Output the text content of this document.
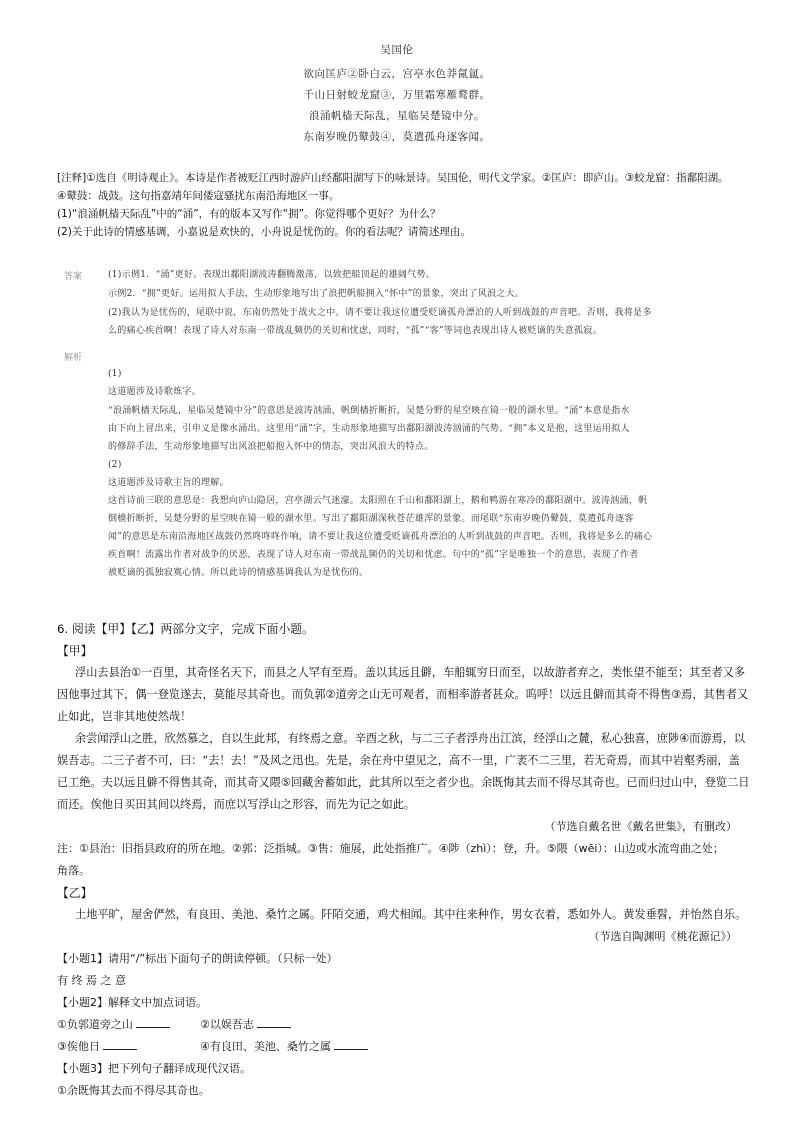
吴国伦
欲向匡庐②卧白云，宫亭水色莽氤氲。
千山日射蛟龙窟③，万里霜寒雁鹜群。
浪涌帆樯天际乱，星临吴楚镜中分。
东南岁晚仍鼙鼓④，莫遣孤舟逐客闻。
[注释]①选自《明诗观止》。本诗是作者被贬江西时游庐山经鄱阳湖写下的咏景诗。吴国伦，明代文学家。②匡庐：即庐山。③蛟龙窟：指鄱阳湖。
④鼙鼓：战鼓。这句指嘉靖年间倭寇骚扰东南沿海地区一事。
(1)“浪涌帆樯天际乱”中的“涌”，有的版本又写作“拥”。你觉得哪个更好？为什么？
(2)关于此诗的情感基调，小嘉说是欢快的，小舟说是忧伤的。你的看法呢？请简述理由。
答案	(1)示例1．“涌”更好。表现出鄱阳湖波涛翻腾激荡，以致把船顶起的雄阔气势。
示例2．“拥”更好。运用拟人手法，生动形象地写出了浪把帆船拥入“怀中”的景象，突出了风浪之大。
(2)我认为是忧伤的，尾联中说，东南仍然处于战火之中。请不要让我这位遭受贬谪孤舟漂泊的人听到战鼓的声音吧。否则，我将是多
么的痛心疾首啊！表现了诗人对东南一带战乱频仍的关切和忧虑，同时，“孤”“客”等词也表现出诗人被贬谪的失意孤寂。
解析
(1)
这道题涉及诗歌炼字。
“浪涌帆樯天际乱，星临吴楚镜中分”的意思是波涛汹涌，帆倒樯折断折，吴楚分野的星空映在镜一般的湖水里。“涌”本意是指水
由下向上冒出来，引申义是像水涌出。这里用“涌”字，生动形象地描写出鄱阳湖波涛汹涌的气势。“拥”本义是抱，这里运用拟人
的修辞手法，生动形象地描写出风浪把船抱入怀中的情态，突出风浪大的特点。
(2)
这道题涉及诗歌主旨的理解。
这首诗前三联的意思是：我想向庐山隐居，宫亭湖云气迷濛。太阳照在千山和鄱阳湖上，鹅和鸭游在寒冷的鄱阳湖中。波涛汹涌，帆
倒樯折断折，吴楚分野的星空映在镜一般的湖水里。写出了鄱阳湖深秋苍茫雄浑的景象。而尾联“东南岁晚仍鼙鼓，莫遣孤舟逐客
闻”的意思是东南沿海地区战鼓仍然咚咚咚作响，请不要让我这位遭受贬谪孤舟漂泊的人听到战鼓的声音吧。否则，我将是多么的痛心
疾首啊！流露出作者对战争的厌恶，表现了诗人对东南一带战乱频仍的关切和忧虑。句中的“孤”字是唯独一个的意思，表现了作者
被贬谪的孤独寂寞心情。所以此诗的情感基调我认为是忧伤的。
6. 阅读【甲】【乙】两部分文字，完成下面小题。
【甲】
浮山去县治①一百里，其奇怪名天下，而县之人罕有至焉。盖以其远且僻，车船辄穷日而至，以故游者弃之，类怅望不能至；其至者又多
因他事过其下，偶一登览遂去，莫能尽其奇也。而负郭②道旁之山无可观者，而相率游者甚众。呜呼！以远且僻而其奇不得售③焉，其售者又
止如此，岂非其地使然哉！
余尝闻浮山之胜，欣然慕之，自以生此邦，有终焉之意。辛酉之秋，与二三子者浮舟出江滨，经浮山之麓，私心独喜，庶陟④而游焉，以
娱吾志。二三子者不可，曰：“去！去！”及风之迅也。先是，余在舟中望见之，高不一里，广袤不二三里，若无奇焉，而其中岩壑秀丽，盖
已工绝。夫以远且僻不得售其奇，而其奇又隈⑤回藏舍蓄如此，此其所以至之者少也。余既悔其去而不得尽其奇也。已而归过山中，登览二日
而还。俟他日买田其间以终焉，而庶以写浮山之形容，而先为记之如此。
（节选自戴名世《戴名世集》，有删改）
注：①县治：旧指县政府的所在地。②郭：泛指城。③售：施展，此处指推广。④陟（zhì）：登，升。⑤隈（wēi）：山边或水流弯曲之处；
角落。
【乙】
土地平旷，屋舍俨然，有良田、美池、桑竹之属。阡陌交通，鸡犬相闻。其中往来种作，男女衣着，悉如外人。黄发垂髫，并怡然自乐。
（节选自陶渊明《桃花源记》）
【小题1】请用“/”标出下面句子的朗读停顿。（只标一处）
有 终 焉 之 意
【小题2】解释文中加点词语。
①负郭道旁之山	②以娱吾志
③俟他日	④有良田、美池、桑竹之属
【小题3】把下列句子翻译成现代汉语。
①余既悔其去而不得尽其奇也。
